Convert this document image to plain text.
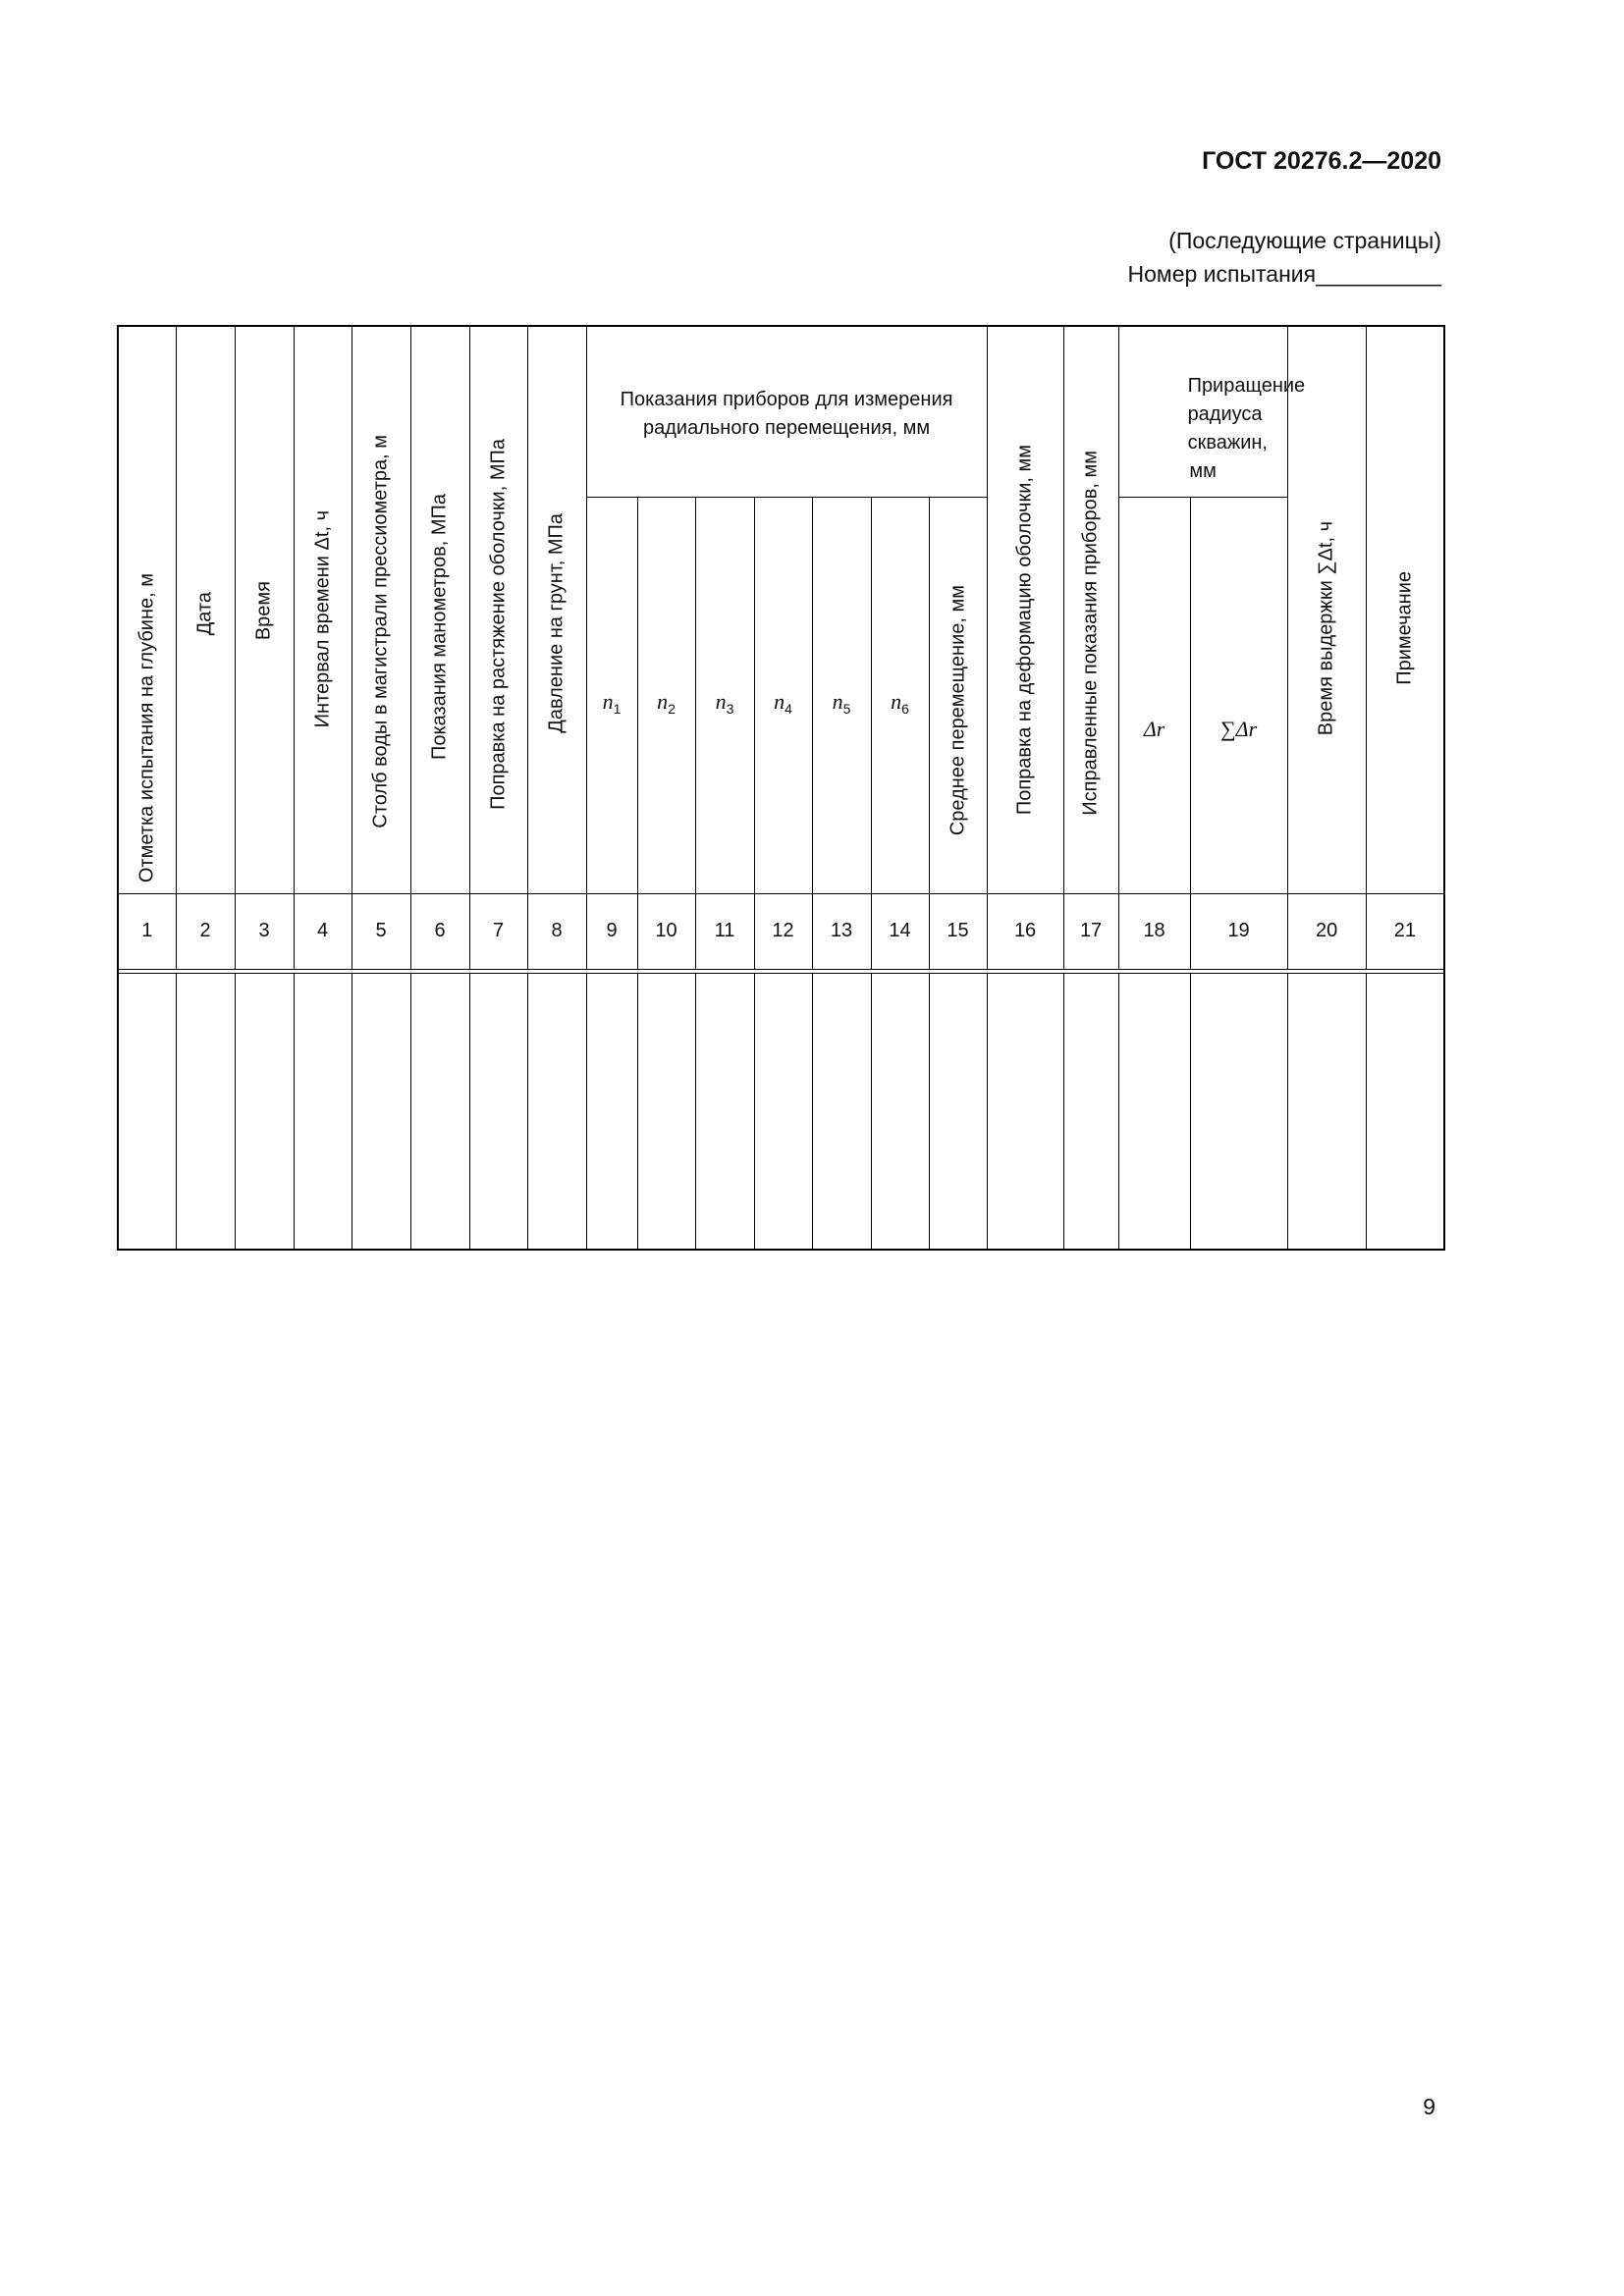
ГОСТ 20276.2—2020
(Последующие страницы)
Номер испытания__________
Отметка испытания на глубине, м	Дата	Время	Интервал времени Δt, ч	Столб воды в магистрали прессиометра, м	Показания манометров, МПа	Поправка на растяжение оболочки, МПа	Давление на грунт, МПа	Показания приборов для измерения радиального перемещения, мм							Поправка на деформацию оболочки, мм	Исправленные показания приборов, мм	Приращение радиуса скважин, мм		Время выдержки ∑Δt, ч	Примечание

								$n_1$	$n_2$	$n_3$	$n_4$	$n_5$	$n_6$	Среднее перемещение, мм			Δr	∑Δr		
1	2	3	4	5	6	7	8	9	10	11	12	13	14	15	16	17	18	19	20	21

9
